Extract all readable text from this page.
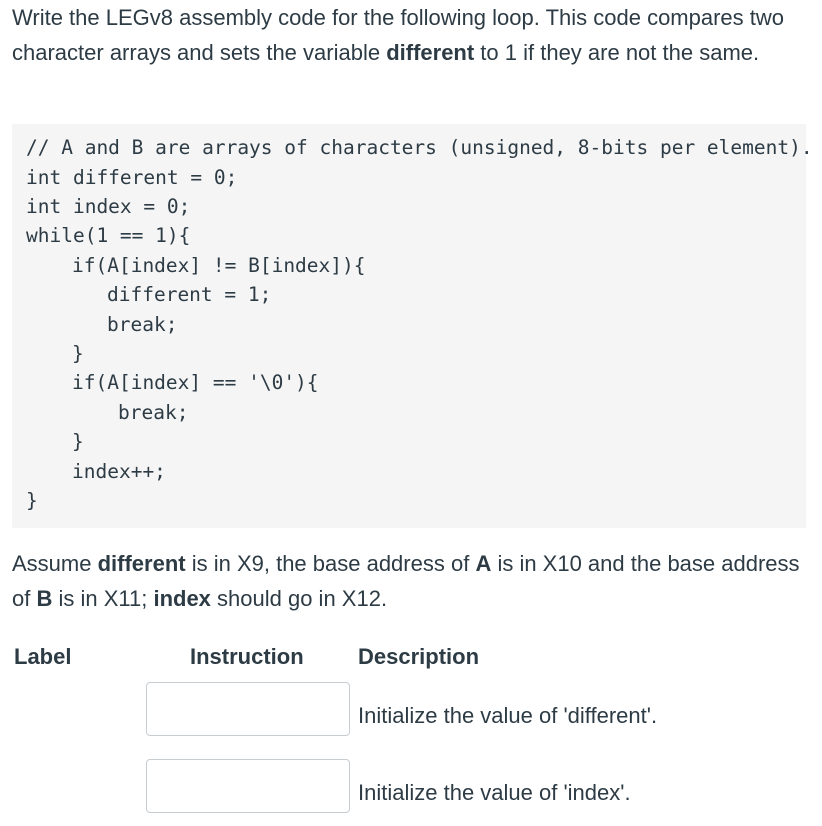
Write the LEGv8 assembly code for the following loop. This code compares two character arrays and sets the variable different to 1 if they are not the same.

// A and B are arrays of characters (unsigned, 8-bits per element).
int different = 0;
int index = 0;
while(1 == 1){
if(A[index] != B[index]){
different = 1;
break;
}
if(A[index] == '\0'){
break;
}
index++;
}

Assume different is in X9, the base address of A is in X10 and the base address of B is in X11; index should go in X12.

Label	Instruction Description
Initialize the value of 'different'.
Initialize the value of 'index'.
